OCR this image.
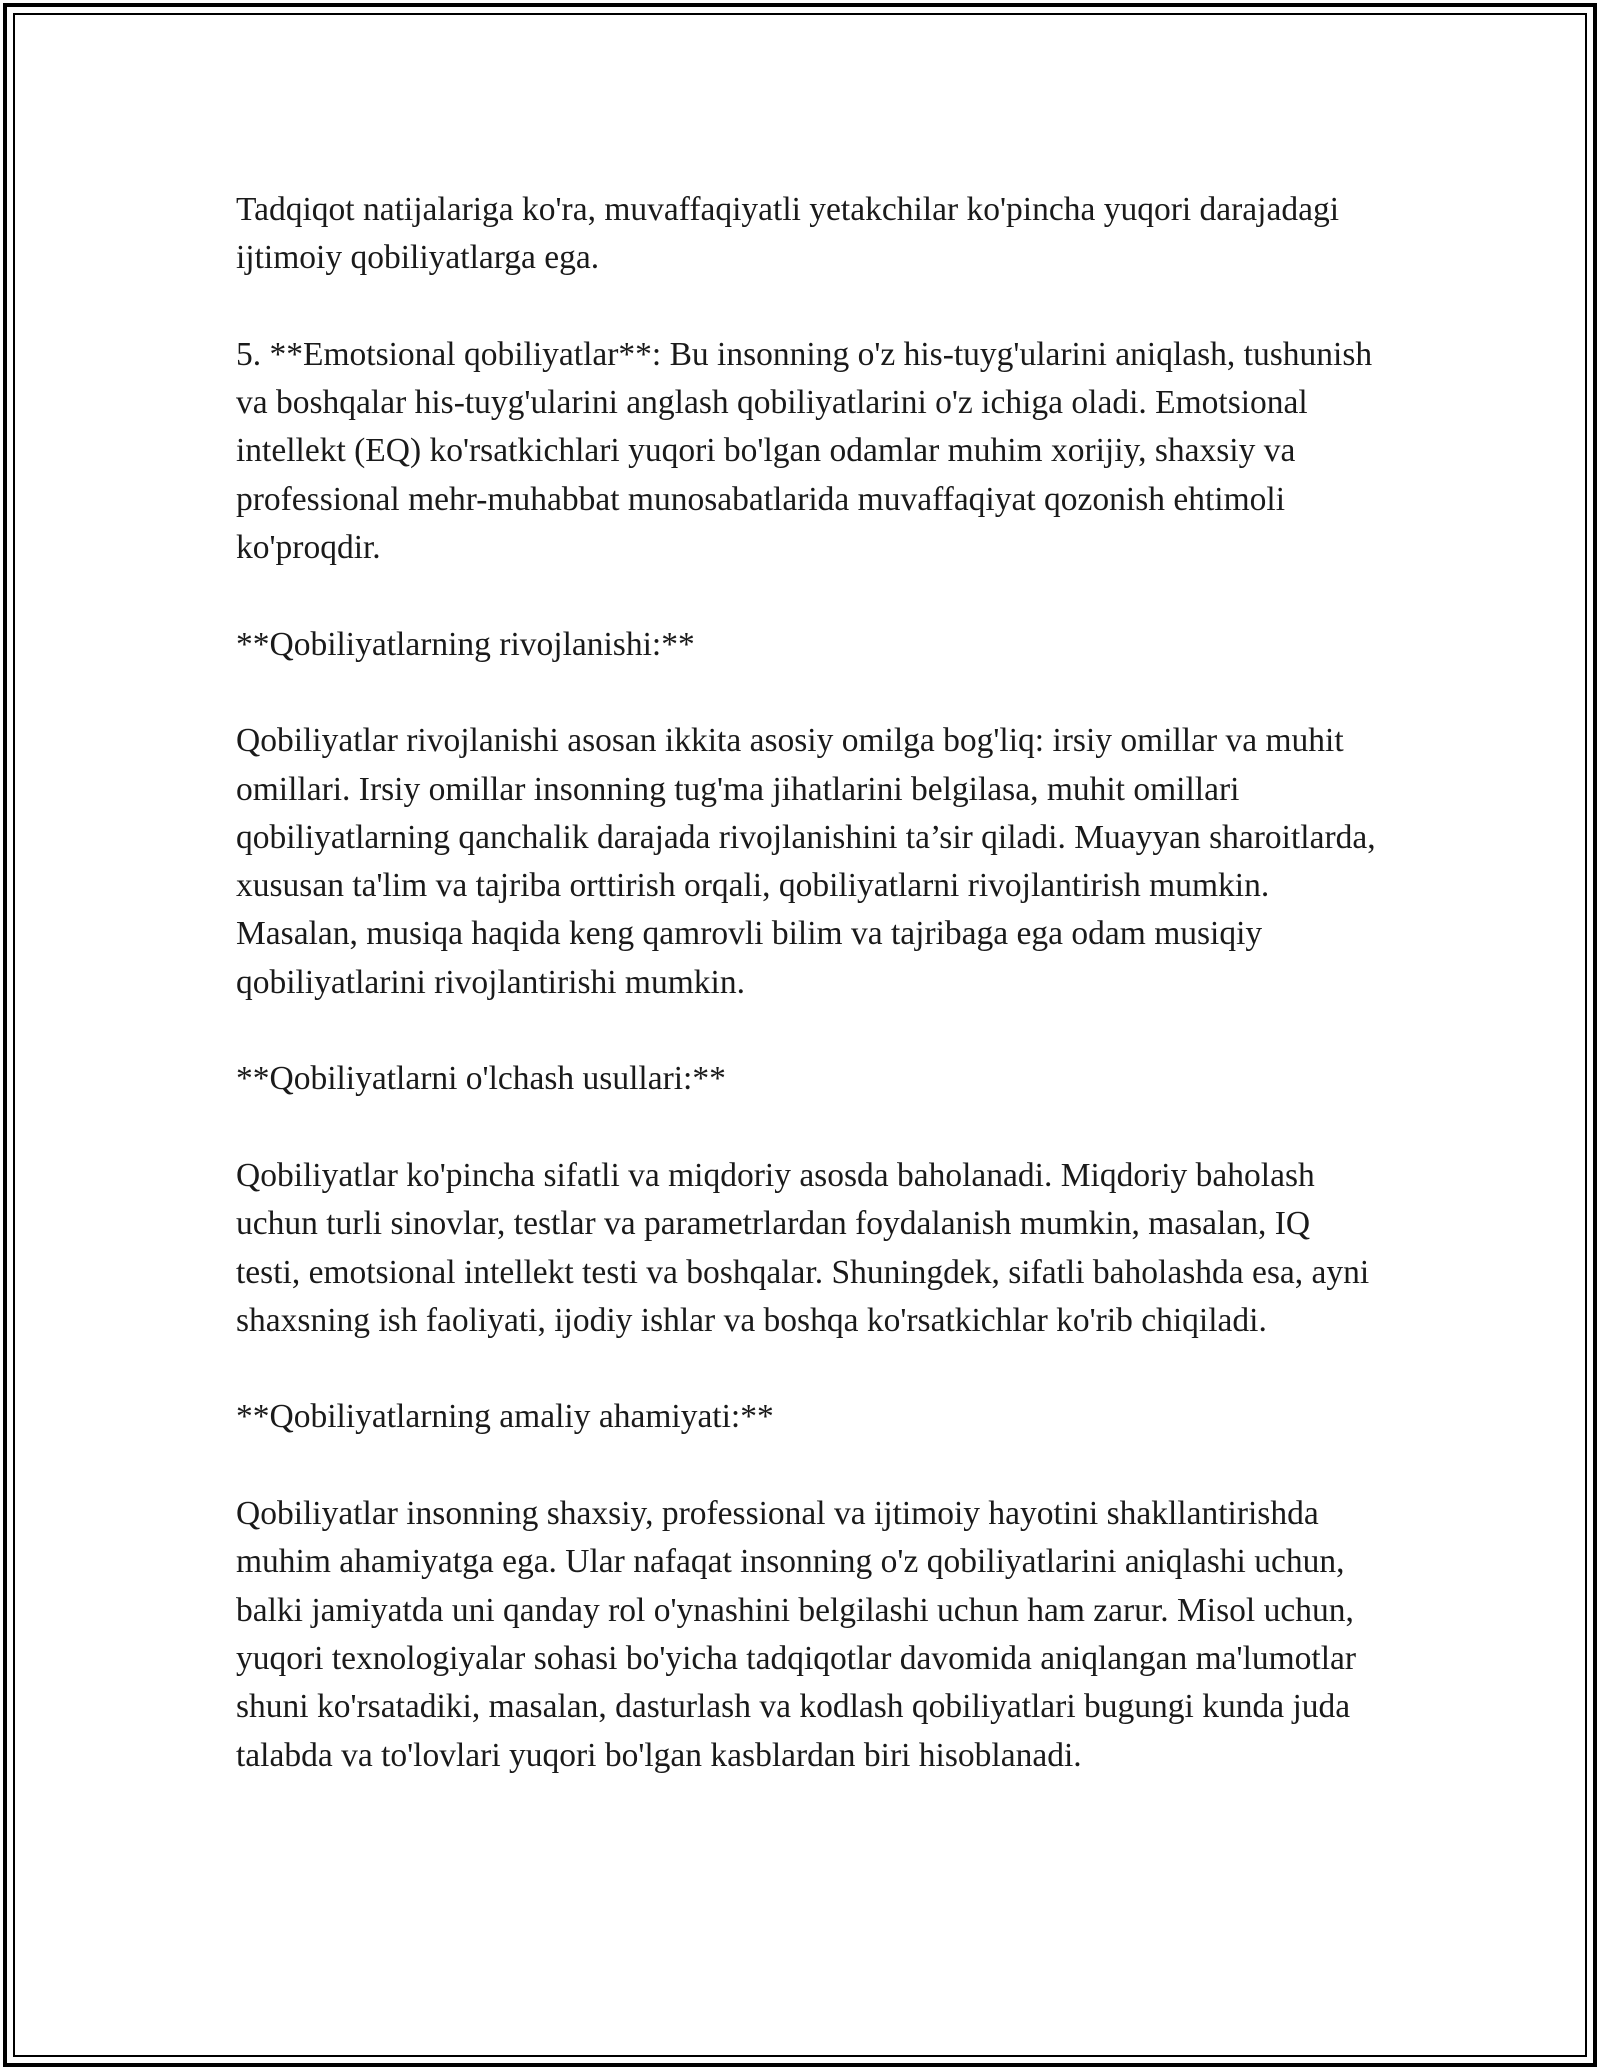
Tadqiqot natijalariga ko'ra, muvaffaqiyatli yetakchilar ko'pincha yuqori darajadagi ijtimoiy qobiliyatlarga ega.

5. **Emotsional qobiliyatlar**: Bu insonning o'z his-tuyg'ularini aniqlash, tushunish va boshqalar his-tuyg'ularini anglash qobiliyatlarini o'z ichiga oladi. Emotsional intellekt (EQ) ko'rsatkichlari yuqori bo'lgan odamlar muhim xorijiy, shaxsiy va professional mehr-muhabbat munosabatlarida muvaffaqiyat qozonish ehtimoli ko'proqdir.

**Qobiliyatlarning rivojlanishi:**

Qobiliyatlar rivojlanishi asosan ikkita asosiy omilga bog'liq: irsiy omillar va muhit omillari. Irsiy omillar insonning tug'ma jihatlarini belgilasa, muhit omillari qobiliyatlarning qanchalik darajada rivojlanishini ta’sir qiladi. Muayyan sharoitlarda, xususan ta'lim va tajriba orttirish orqali, qobiliyatlarni rivojlantirish mumkin. Masalan, musiqa haqida keng qamrovli bilim va tajribaga ega odam musiqiy qobiliyatlarini rivojlantirishi mumkin.

**Qobiliyatlarni o'lchash usullari:**

Qobiliyatlar ko'pincha sifatli va miqdoriy asosda baholanadi. Miqdoriy baholash uchun turli sinovlar, testlar va parametrlardan foydalanish mumkin, masalan, IQ testi, emotsional intellekt testi va boshqalar. Shuningdek, sifatli baholashda esa, ayni shaxsning ish faoliyati, ijodiy ishlar va boshqa ko'rsatkichlar ko'rib chiqiladi.

**Qobiliyatlarning amaliy ahamiyati:**

Qobiliyatlar insonning shaxsiy, professional va ijtimoiy hayotini shakllantirishda muhim ahamiyatga ega. Ular nafaqat insonning o'z qobiliyatlarini aniqlashi uchun, balki jamiyatda uni qanday rol o'ynashini belgilashi uchun ham zarur. Misol uchun, yuqori texnologiyalar sohasi bo'yicha tadqiqotlar davomida aniqlangan ma'lumotlar shuni ko'rsatadiki, masalan, dasturlash va kodlash qobiliyatlari bugungi kunda juda talabda va to'lovlari yuqori bo'lgan kasblardan biri hisoblanadi.
